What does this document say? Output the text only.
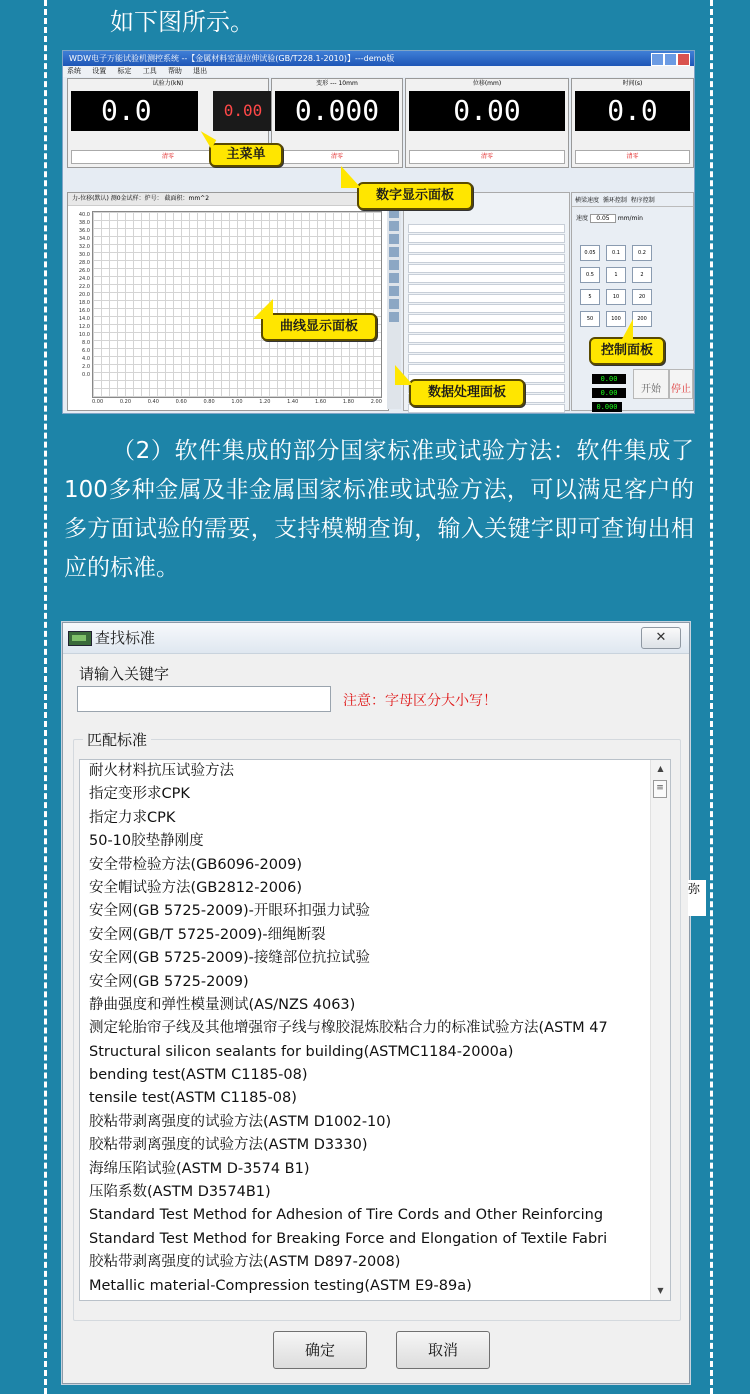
如下图所示。
WDW电子万能试验机测控系统 --【金属材料室温拉伸试验(GB/T228.1-2010)】---demo版
系统 设置 标定 工具 帮助 退出
试验力(kN)
0.0	0.00
清零
变形 --- 10mm
0.000
清零
位移(mm)
0.00
清零
时间(s)
0.0
清零
力-位移(默认) 测0金试样：炉号： 截面积：mm^2
40.0
38.0
36.0
34.0
32.0
30.0
28.0
26.0
24.0
22.0
20.0
18.0
16.0
14.0
12.0
10.0
8.0
6.0
4.0
2.0
0.0
0.00	0.20	0.40	0.60	0.80	1.00	1.20	1.40	1.60	1.80	2.00
横梁速度 循环控制 程序控制
速度 0.05 mm/min
0.05	0.1	0.2
0.5	1	2
5	10	20
50	100	200
0.00
0.00
0.000
开始	停止
主菜单
数字显示面板
曲线显示面板
控制面板
数据处理面板
（2）软件集成的部分国家标准或试验方法：软件集成了100多种金属及非金属国家标准或试验方法，可以满足客户的多方面试验的需要，支持模糊查询，输入关键字即可查询出相应的标准。
查找标准	✕
请输入关键字
注意：字母区分大小写！
匹配标准
耐火材料抗压试验方法
指定变形求CPK
指定力求CPK
50-10胶垫静刚度
安全带检验方法(GB6096-2009)
安全帽试验方法(GB2812-2006)
安全网(GB 5725-2009)-开眼环扣强力试验
安全网(GB/T 5725-2009)-细绳断裂
安全网(GB 5725-2009)-接缝部位抗拉试验
安全网(GB 5725-2009)
静曲强度和弹性模量测试(AS/NZS 4063)
测定轮胎帘子线及其他增强帘子线与橡胶混炼胶粘合力的标准试验方法(ASTM 47
Structural silicon sealants for building(ASTMC1184-2000a)
bending test(ASTM C1185-08)
tensile test(ASTM C1185-08)
胶粘带剥离强度的试验方法(ASTM D1002-10)
胶粘带剥离强度的试验方法(ASTM D3330)
海绵压陷试验(ASTM D-3574 B1)
压陷系数(ASTM D3574B1)
Standard Test Method for Adhesion of Tire Cords and Other Reinforcing
Standard Test Method for Breaking Force and Elongation of Textile Fabri
胶粘带剥离强度的试验方法(ASTM D897-2008)
Metallic material-Compression testing(ASTM E9-89a)
▲
≡
▼
确定	取消
弥
